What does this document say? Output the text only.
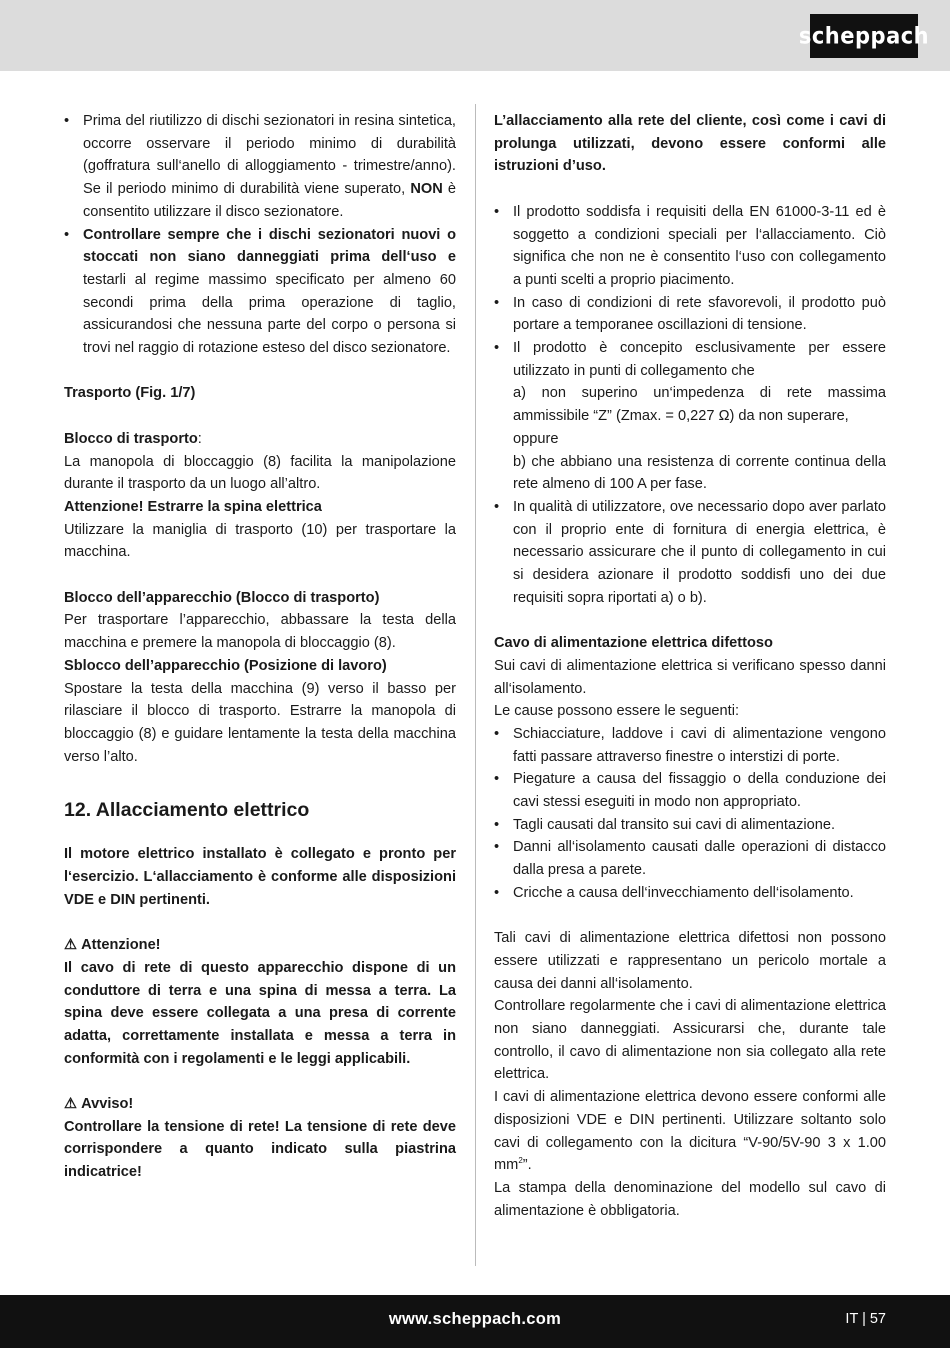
scheppach
• Prima del riutilizzo di dischi sezionatori in resina sintetica, occorre osservare il periodo minimo di durabilità (goffratura sull‘anello di alloggiamento - trimestre/anno). Se il periodo minimo di durabilità viene superato, NON è consentito utilizzare il disco sezionatore.
• Controllare sempre che i dischi sezionatori nuovi o stoccati non siano danneggiati prima dell‘uso e testarli al regime massimo specificato per almeno 60 secondi prima della prima operazione di taglio, assicurandosi che nessuna parte del corpo o persona si trovi nel raggio di rotazione esteso del disco sezionatore.

Trasporto (Fig. 1/7)

Blocco di trasporto:

La manopola di bloccaggio (8) facilita la manipolazione durante il trasporto da un luogo all’altro.

Attenzione! Estrarre la spina elettrica

Utilizzare la maniglia di trasporto (10) per trasportare la macchina.

Blocco dell’apparecchio (Blocco di trasporto)

Per trasportare l’apparecchio, abbassare la testa della macchina e premere la manopola di bloccaggio (8).

Sblocco dell’apparecchio (Posizione di lavoro)

Spostare la testa della macchina (9) verso il basso per rilasciare il blocco di trasporto. Estrarre la manopola di bloccaggio (8) e guidare lentamente la testa della macchina verso l’alto.

12. Allacciamento elettrico

Il motore elettrico installato è collegato e pronto per l‘esercizio. L‘allacciamento è conforme alle disposizioni VDE e DIN pertinenti.

⚠ Attenzione!

Il cavo di rete di questo apparecchio dispone di un conduttore di terra e una spina di messa a terra. La spina deve essere collegata a una presa di corrente adatta, correttamente installata e messa a terra in conformità con i regolamenti e le leggi applicabili.

⚠ Avviso!

Controllare la tensione di rete! La tensione di rete deve corrispondere a quanto indicato sulla piastrina indicatrice!

L’allacciamento alla rete del cliente, così come i cavi di prolunga utilizzati, devono essere conformi alle istruzioni d’uso.

• Il prodotto soddisfa i requisiti della EN 61000-3-11 ed è soggetto a condizioni speciali per l‘allacciamento. Ciò significa che non ne è consentito l‘uso con collegamento a punti scelti a proprio piacimento.
• In caso di condizioni di rete sfavorevoli, il prodotto può portare a temporanee oscillazioni di tensione.
• Il prodotto è concepito esclusivamente per essere utilizzato in punti di collegamento che
a) non superino un‘impedenza di rete massima ammissibile “Z” (Zmax. = 0,227 Ω) da non superare,
oppure
b) che abbiano una resistenza di corrente continua della rete almeno di 100 A per fase.
• In qualità di utilizzatore, ove necessario dopo aver parlato con il proprio ente di fornitura di energia elettrica, è necessario assicurare che il punto di collegamento in cui si desidera azionare il prodotto soddisfi uno dei due requisiti sopra riportati a) o b).

Cavo di alimentazione elettrica difettoso

Sui cavi di alimentazione elettrica si verificano spesso danni all‘isolamento.

Le cause possono essere le seguenti:

• Schiacciature, laddove i cavi di alimentazione vengono fatti passare attraverso finestre o interstizi di porte.
• Piegature a causa del fissaggio o della conduzione dei cavi stessi eseguiti in modo non appropriato.
• Tagli causati dal transito sui cavi di alimentazione.
• Danni all‘isolamento causati dalle operazioni di distacco dalla presa a parete.
• Cricche a causa dell‘invecchiamento dell‘isolamento.

Tali cavi di alimentazione elettrica difettosi non possono essere utilizzati e rappresentano un pericolo mortale a causa dei danni all‘isolamento.

Controllare regolarmente che i cavi di alimentazione elettrica non siano danneggiati. Assicurarsi che, durante tale controllo, il cavo di alimentazione non sia collegato alla rete elettrica.

I cavi di alimentazione elettrica devono essere conformi alle disposizioni VDE e DIN pertinenti. Utilizzare soltanto solo cavi di collegamento con la dicitura “V-90/5V-90 3 x 1.00 $mm^2$”.

La stampa della denominazione del modello sul cavo di alimentazione è obbligatoria.

www.scheppach.com	IT | 57
